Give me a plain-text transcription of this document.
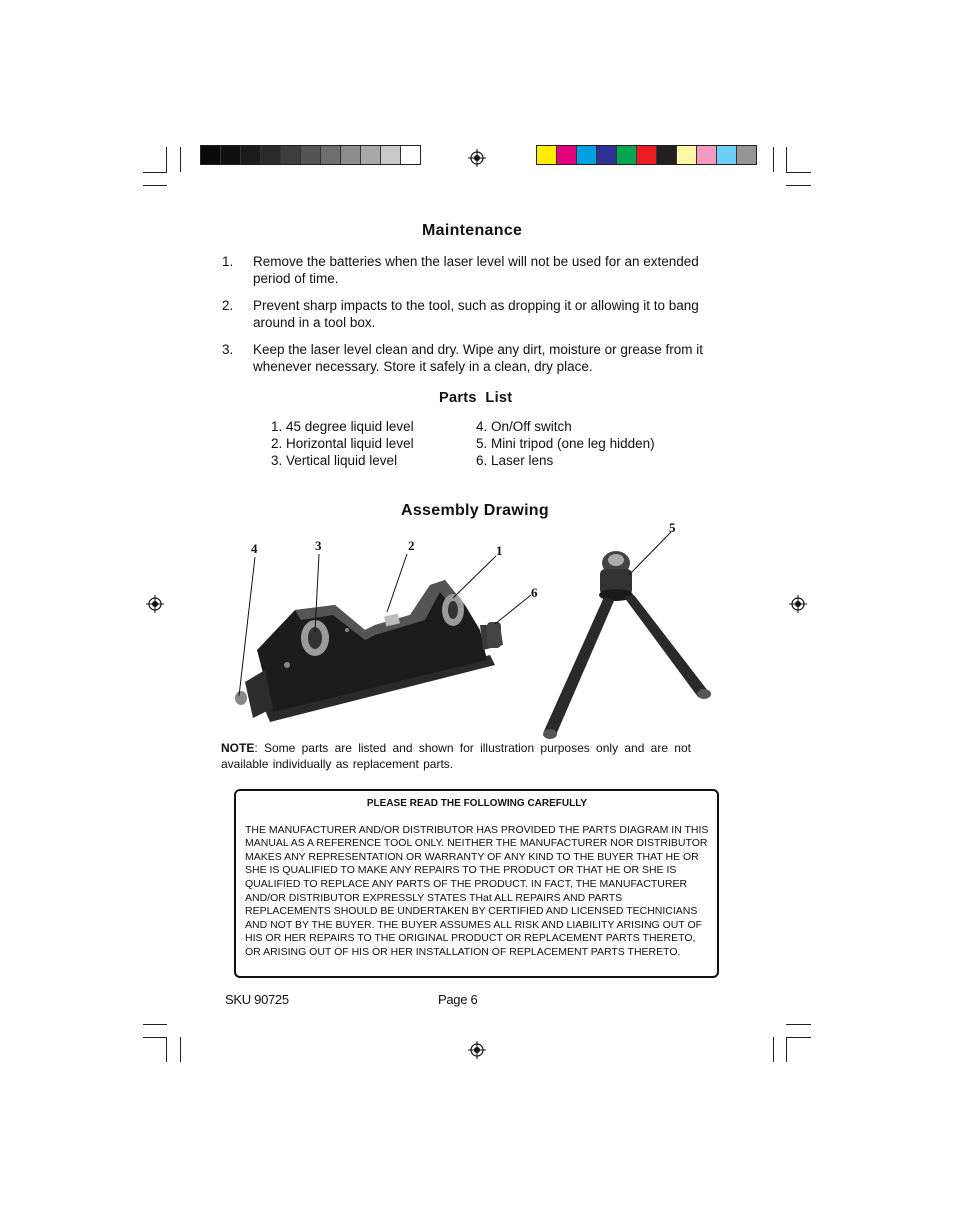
Maintenance
1. Remove the batteries when the laser level will not be used for an extended period of time.
2. Prevent sharp impacts to the tool, such as dropping it or allowing it to bang around in a tool box.
3. Keep the laser level clean and dry. Wipe any dirt, moisture or grease from it whenever necessary. Store it safely in a clean, dry place.
Parts  List
1. 45 degree liquid level
2. Horizontal liquid level
3. Vertical liquid level
4. On/Off switch
5. Mini tripod (one leg hidden)
6. Laser lens
Assembly Drawing
4	3	2	1
6
5
NOTE: Some parts are listed and shown for illustration purposes only and are not available individually as replacement parts.
PLEASE READ THE FOLLOWING CAREFULLY
THE MANUFACTURER AND/OR DISTRIBUTOR HAS PROVIDED THE PARTS DIAGRAM IN THIS MANUAL AS A REFERENCE TOOL ONLY. NEITHER THE MANUFACTURER NOR DISTRIBUTOR MAKES ANY REPRESENTATION OR WARRANTY OF ANY KIND TO THE BUYER THAT HE OR SHE IS QUALIFIED TO MAKE ANY REPAIRS TO THE PRODUCT OR THAT HE OR SHE IS QUALIFIED TO REPLACE ANY PARTS OF THE PRODUCT. IN FACT, THE MANUFACTURER AND/OR DISTRIBUTOR EXPRESSLY STATES THat ALL REPAIRS AND PARTS REPLACEMENTS SHOULD BE UNDERTAKEN BY CERTIFIED AND LICENSED TECHNICIANS AND NOT BY THE BUYER. THE BUYER ASSUMES ALL RISK AND LIABILITY ARISING OUT OF HIS OR HER REPAIRS TO THE ORIGINAL PRODUCT OR REPLACEMENT PARTS THERETO, OR ARISING OUT OF HIS OR HER INSTALLATION OF REPLACEMENT PARTS THERETO.
SKU 90725	Page 6
